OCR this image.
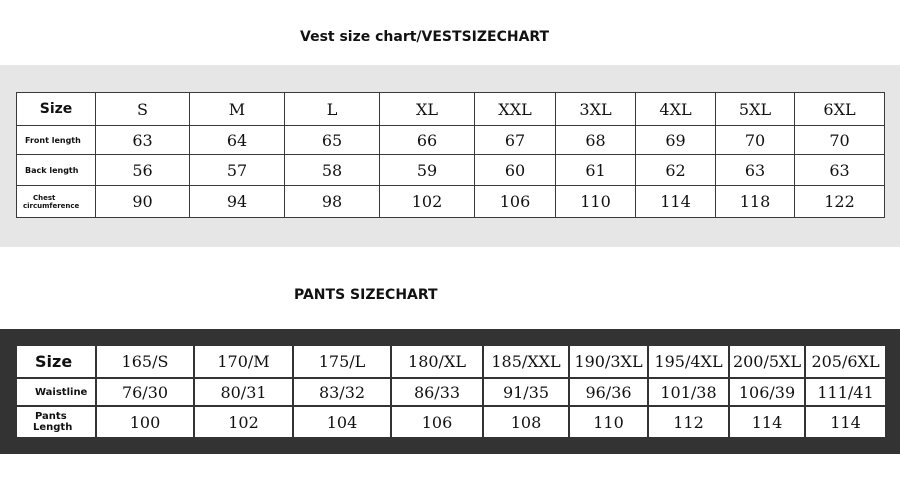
Vest size chart/VESTSIZECHART
Size	S	M	L	XL	XXL	3XL	4XL	5XL	6XL
Front length	63	64	65	66	67	68	69	70	70
Back length	56	57	58	59	60	61	62	63	63
Chest
circumference	90	94	98	102	106	110	114	118	122
PANTS SIZECHART
Size	165/S	170/M	175/L	180/XL	185/XXL	190/3XL	195/4XL	200/5XL	205/6XL
Waistline	76/30	80/31	83/32	86/33	91/35	96/36	101/38	106/39	111/41
Pants
Length	100	102	104	106	108	110	112	114	114
